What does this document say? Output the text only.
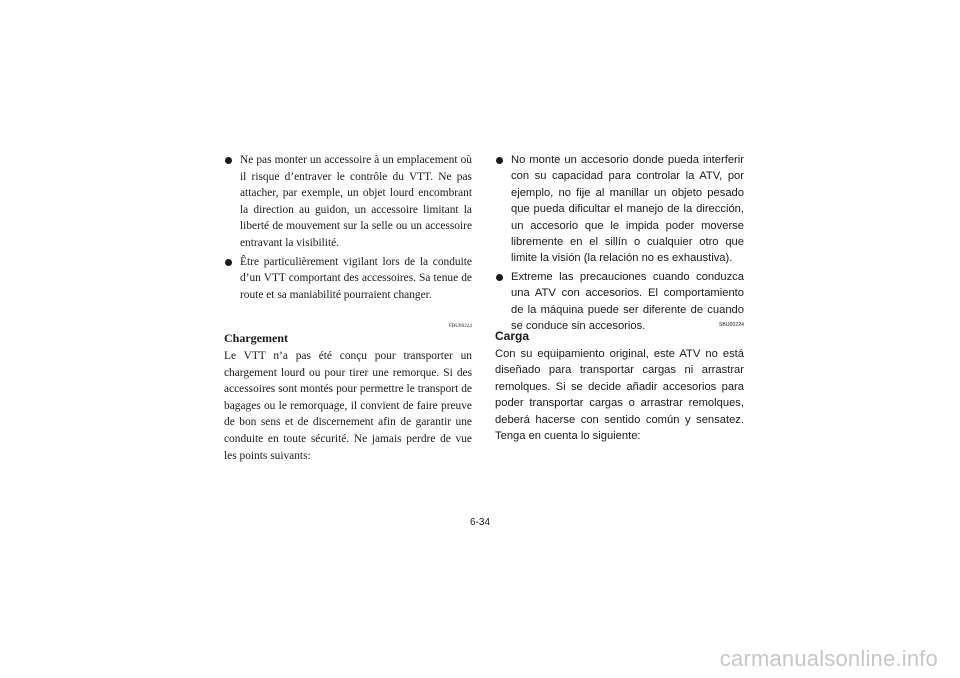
Ne pas monter un accessoire à un emplacement où il risque d’entraver le contrôle du VTT. Ne pas attacher, par exemple, un objet lourd encombrant la direction au guidon, un accessoire limitant la liberté de mouvement sur la selle ou un accessoire entravant la visibilité.
Être particulièrement vigilant lors de la conduite d’un VTT comportant des accessoires. Sa tenue de route et sa maniabilité pourraient changer.

FBU00224

Chargement

Le VTT n’a pas été conçu pour transporter un chargement lourd ou pour tirer une remorque. Si des accessoires sont montés pour permettre le transport de bagages ou le remorquage, il convient de faire preuve de bon sens et de discernement afin de garantir une conduite en toute sécurité. Ne jamais perdre de vue les points suivants:

No monte un accesorio donde pueda interferir con su capacidad para controlar la ATV, por ejemplo, no fije al manillar un objeto pesado que pueda dificultar el manejo de la dirección, un accesorio que le impida poder moverse libremente en el sillín o cualquier otro que limite la visión (la relación no es exhaustiva).
Extreme las precauciones cuando conduzca una ATV con accesorios. El comportamiento de la máquina puede ser diferente de cuando se conduce sin accesorios.	SBU00224

Carga

Con su equipamiento original, este ATV no está diseñado para transportar cargas ni arrastrar remolques. Si se decide añadir accesorios para poder transportar cargas o arrastrar remolques, deberá hacerse con sentido común y sensatez. Tenga en cuenta lo siguiente:

6-34
carmanualsonline.info
